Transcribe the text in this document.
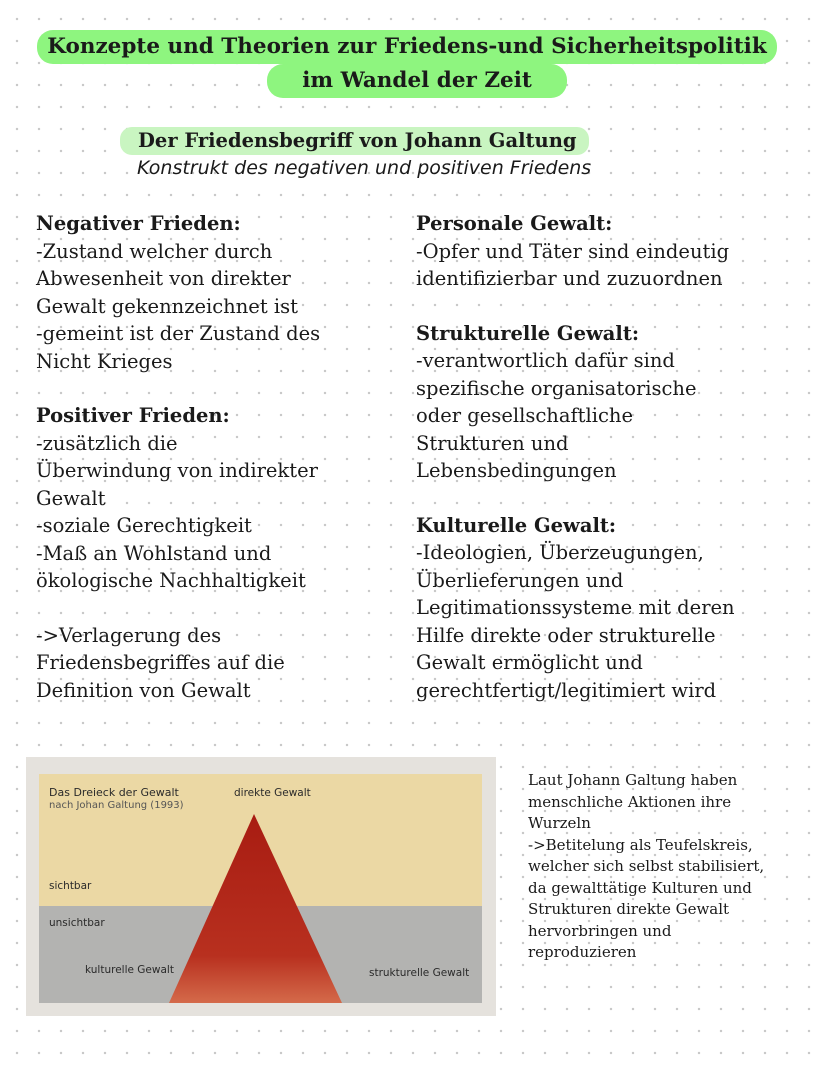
Konzepte und Theorien zur Friedens-und Sicherheitspolitik
im Wandel der Zeit
Der Friedensbegriff von Johann Galtung
Konstrukt des negativen und positiven Friedens
Negativer Frieden:
-Zustand welcher durch
Abwesenheit von direkter
Gewalt gekennzeichnet ist
-gemeint ist der Zustand des
Nicht Krieges
Positiver Frieden:
-zusätzlich die
Überwindung von indirekter
Gewalt
-soziale Gerechtigkeit
-Maß an Wohlstand und
ökologische Nachhaltigkeit
->Verlagerung des
Friedensbegriffes auf die
Definition von Gewalt
Personale Gewalt:
-Opfer und Täter sind eindeutig
identifizierbar und zuzuordnen
Strukturelle Gewalt:
-verantwortlich dafür sind
spezifische organisatorische
oder gesellschaftliche
Strukturen und
Lebensbedingungen
Kulturelle Gewalt:
-Ideologien, Überzeugungen,
Überlieferungen und
Legitimationssysteme mit deren
Hilfe direkte oder strukturelle
Gewalt ermöglicht und
gerechtfertigt/legitimiert wird
Das Dreieck der Gewalt
nach Johan Galtung (1993)
direkte Gewalt
sichtbar
unsichtbar
kulturelle Gewalt	strukturelle Gewalt
Laut Johann Galtung haben
menschliche Aktionen ihre
Wurzeln
->Betitelung als Teufelskreis,
welcher sich selbst stabilisiert,
da gewalttätige Kulturen und
Strukturen direkte Gewalt
hervorbringen und
reproduzieren
